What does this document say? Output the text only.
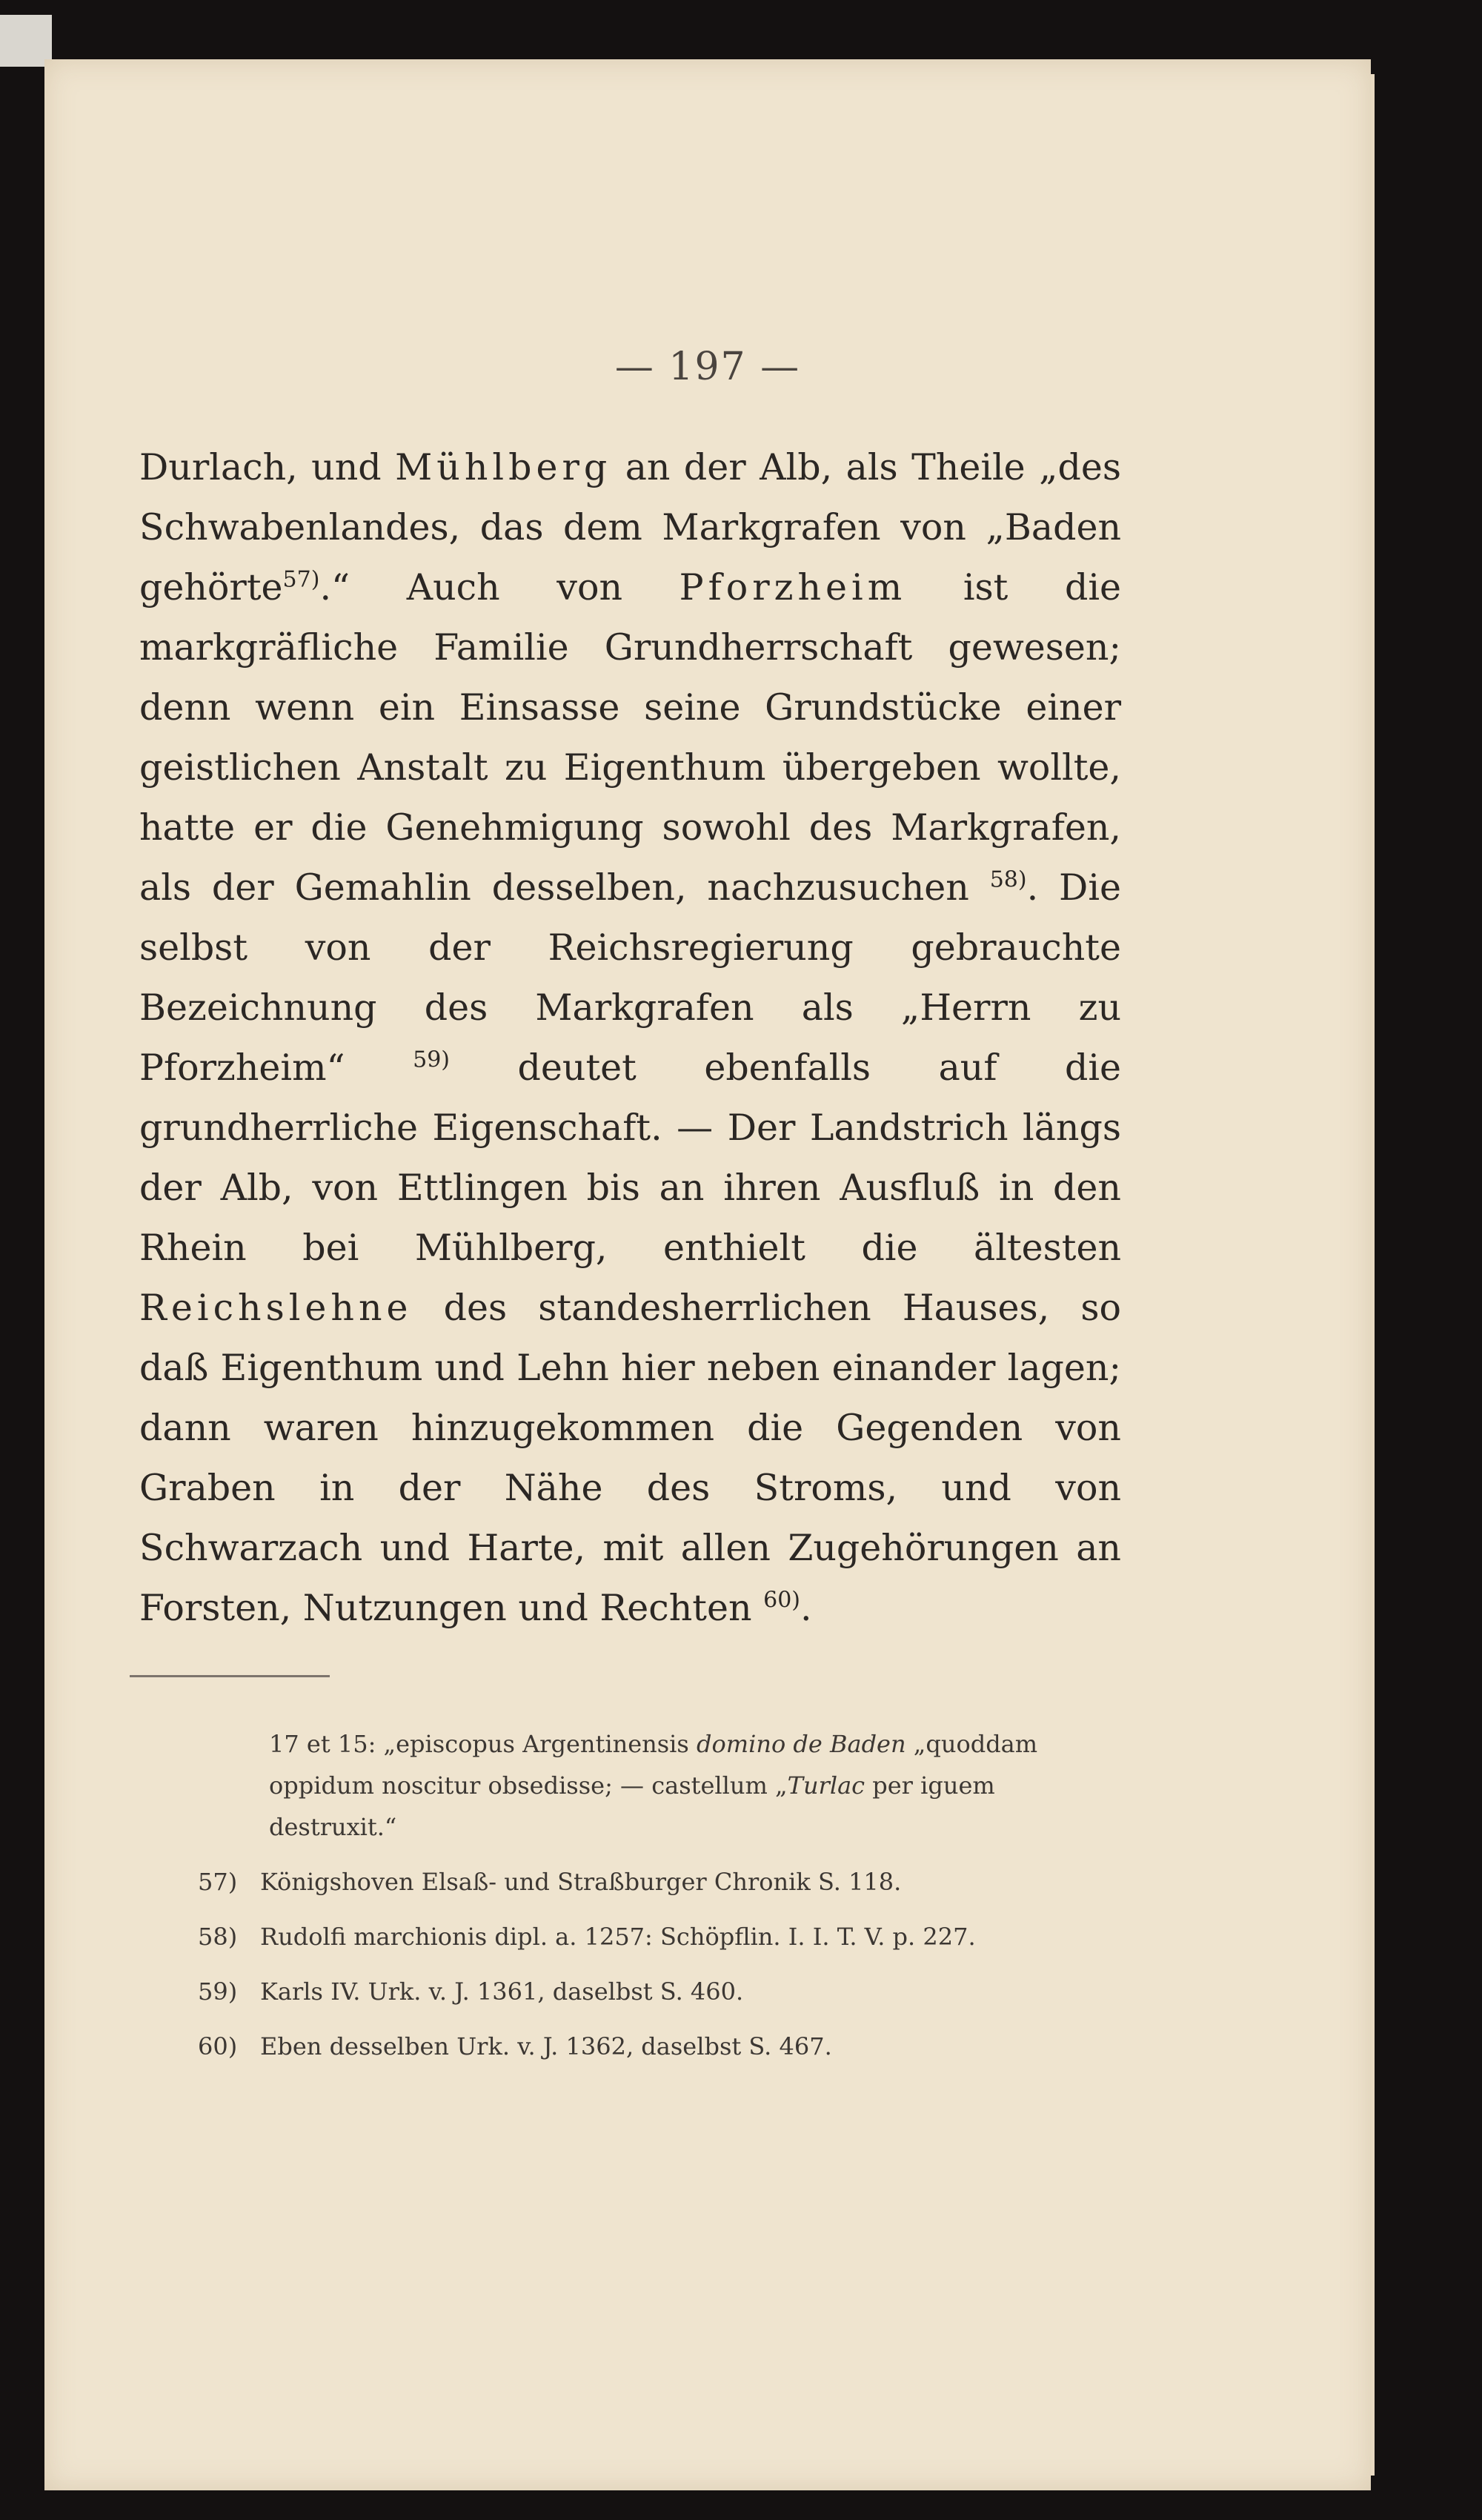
— 197 —

Durlach, und Mühlberg an der Alb, als Theile „des Schwabenlandes, das dem Markgrafen von „Baden gehörte$^{57)}$.“ Auch von Pforzheim ist die markgräfliche Familie Grundherrschaft gewesen; denn wenn ein Einsasse seine Grundstücke einer geistlichen Anstalt zu Eigenthum übergeben wollte, hatte er die Genehmigung sowohl des Markgrafen, als der Gemahlin desselben, nachzusuchen $^{58)}$. Die selbst von der Reichsregierung gebrauchte Bezeichnung des Markgrafen als „Herrn zu Pforzheim“	$^{59)}$ deutet ebenfalls auf die grundherrliche Eigenschaft. — Der Landstrich längs der Alb, von Ettlingen bis an ihren Ausfluß in den Rhein bei Mühlberg, enthielt die ältesten Reichslehne des standesherrlichen Hauses, so daß Eigenthum und Lehn hier neben einander lagen; dann waren hinzugekommen die Gegenden von Graben in der Nähe des Stroms, und von Schwarzach und Harte, mit allen Zugehörungen an Forsten, Nutzungen und Rechten $^{60)}$.

17 et 15: „episcopus Argentinensis domino de Baden „quoddam oppidum noscitur obsedisse; — castellum „Turlac per iguem destruxit.“
57) Königshoven Elsaß- und Straßburger Chronik S. 118.
58) Rudolfi marchionis dipl. a. 1257: Schöpflin. I. I. T. V. p. 227.
59) Karls IV. Urk. v. J. 1361, daselbst S. 460.
60) Eben desselben Urk. v. J. 1362, daselbst S. 467.
